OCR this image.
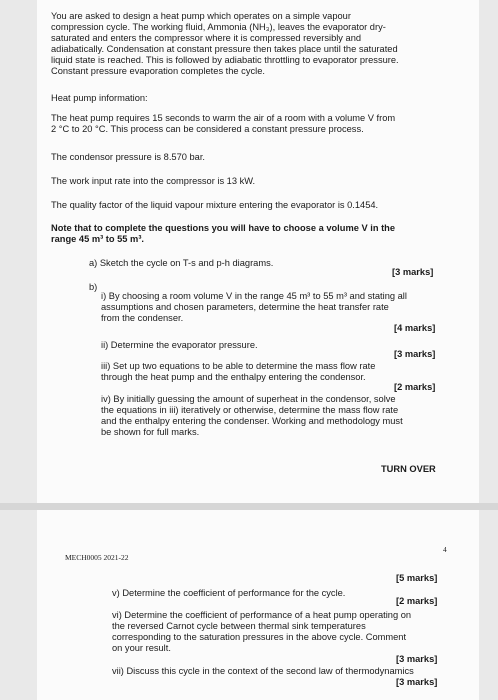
You are asked to design a heat pump which operates on a simple vapour
compression cycle. The working fluid, Ammonia (NH₃), leaves the evaporator dry-
saturated and enters the compressor where it is compressed reversibly and
adiabatically. Condensation at constant pressure then takes place until the saturated
liquid state is reached. This is followed by adiabatic throttling to evaporator pressure.
Constant pressure evaporation completes the cycle.
Heat pump information:
The heat pump requires 15 seconds to warm the air of a room with a volume V from
2 °C to 20 °C. This process can be considered a constant pressure process.
The condensor pressure is 8.570 bar.
The work input rate into the compressor is 13 kW.
The quality factor of the liquid vapour mixture entering the evaporator is 0.1454.
Note that to complete the questions you will have to choose a volume V in the
range 45 m³ to 55 m³.
a) Sketch the cycle on T-s and p-h diagrams.
[3 marks]
b)
i) By choosing a room volume V in the range 45 m³ to 55 m³ and stating all
assumptions and chosen parameters, determine the heat transfer rate
from the condenser.
[4 marks]
ii) Determine the evaporator pressure.
[3 marks]
iii) Set up two equations to be able to determine the mass flow rate
through the heat pump and the enthalpy entering the condensor.
[2 marks]
iv) By initially guessing the amount of superheat in the condensor, solve
the equations in iii) iteratively or otherwise, determine the mass flow rate
and the enthalpy entering the condenser. Working and methodology must
be shown for full marks.
TURN OVER
MECH0005 2021-22
4
[5 marks]
v) Determine the coefficient of performance for the cycle.
[2 marks]
vi) Determine the coefficient of performance of a heat pump operating on
the reversed Carnot cycle between thermal sink temperatures
corresponding to the saturation pressures in the above cycle. Comment
on your result.
[3 marks]
vii) Discuss this cycle in the context of the second law of thermodynamics
[3 marks]
